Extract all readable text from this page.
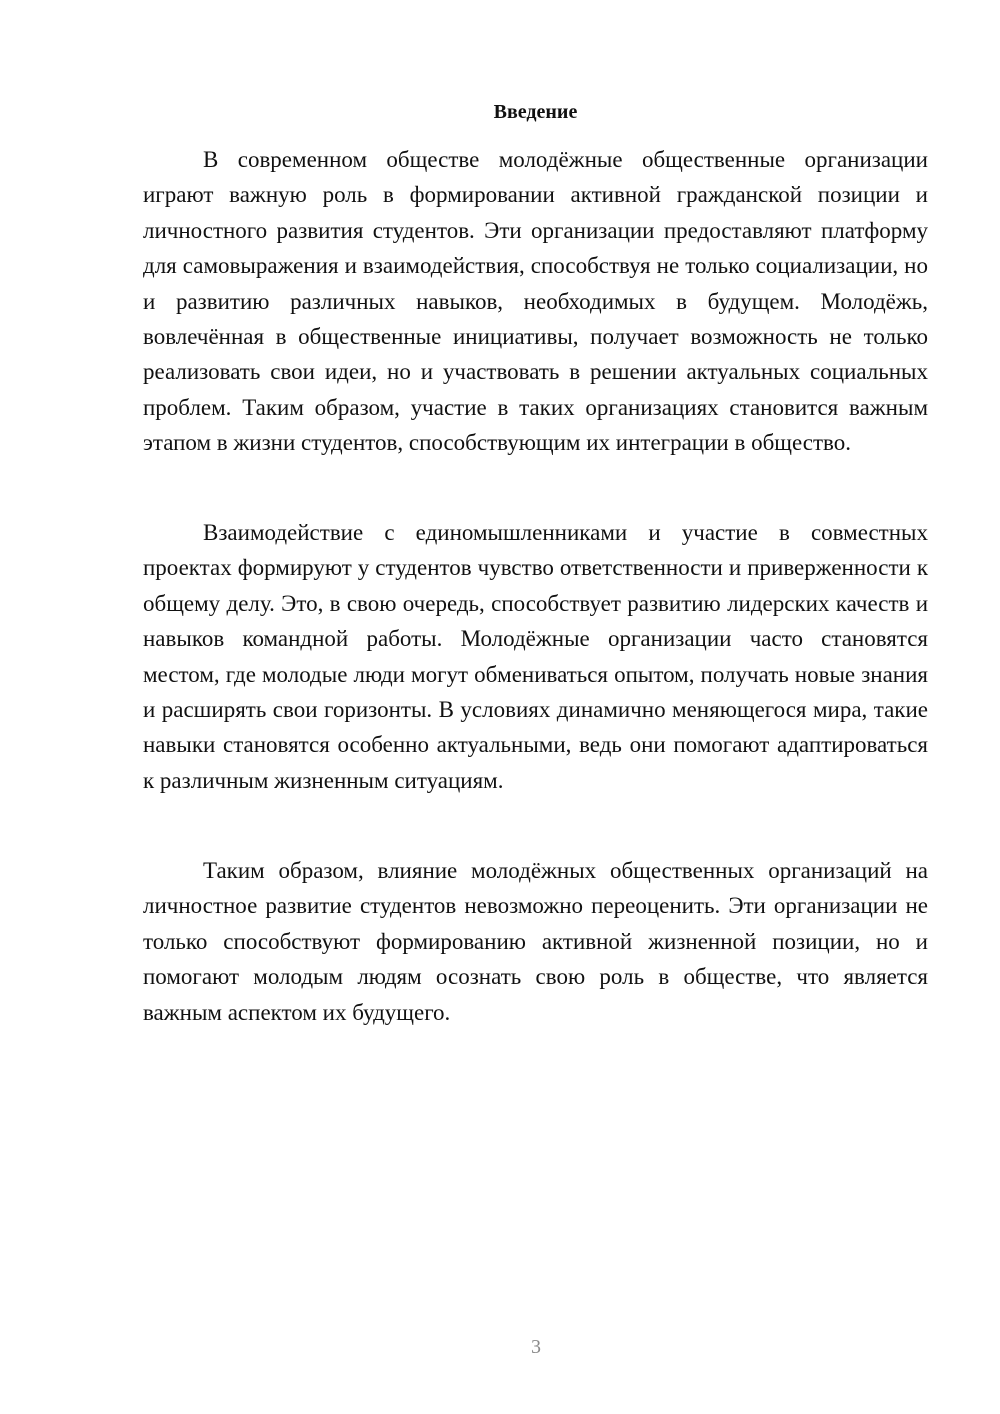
Введение

В современном обществе молодёжные общественные организации играют важную роль в формировании активной гражданской позиции и личностного развития студентов. Эти организации предоставляют платформу для самовыражения и взаимодействия, способствуя не только социализации, но и развитию различных навыков, необходимых в будущем. Молодёжь, вовлечённая в общественные инициативы, получает возможность не только реализовать свои идеи, но и участвовать в решении актуальных социальных проблем. Таким образом, участие в таких организациях становится важным этапом в жизни студентов, способствующим их интеграции в общество.

Взаимодействие с единомышленниками и участие в совместных проектах формируют у студентов чувство ответственности и приверженности к общему делу. Это, в свою очередь, способствует развитию лидерских качеств и навыков командной работы. Молодёжные организации часто становятся местом, где молодые люди могут обмениваться опытом, получать новые знания и расширять свои горизонты. В условиях динамично меняющегося мира, такие навыки становятся особенно актуальными, ведь они помогают адаптироваться к различным жизненным ситуациям.

Таким образом, влияние молодёжных общественных организаций на личностное развитие студентов невозможно переоценить. Эти организации не только способствуют формированию активной жизненной позиции, но и помогают молодым людям осознать свою роль в обществе, что является важным аспектом их будущего.

3
